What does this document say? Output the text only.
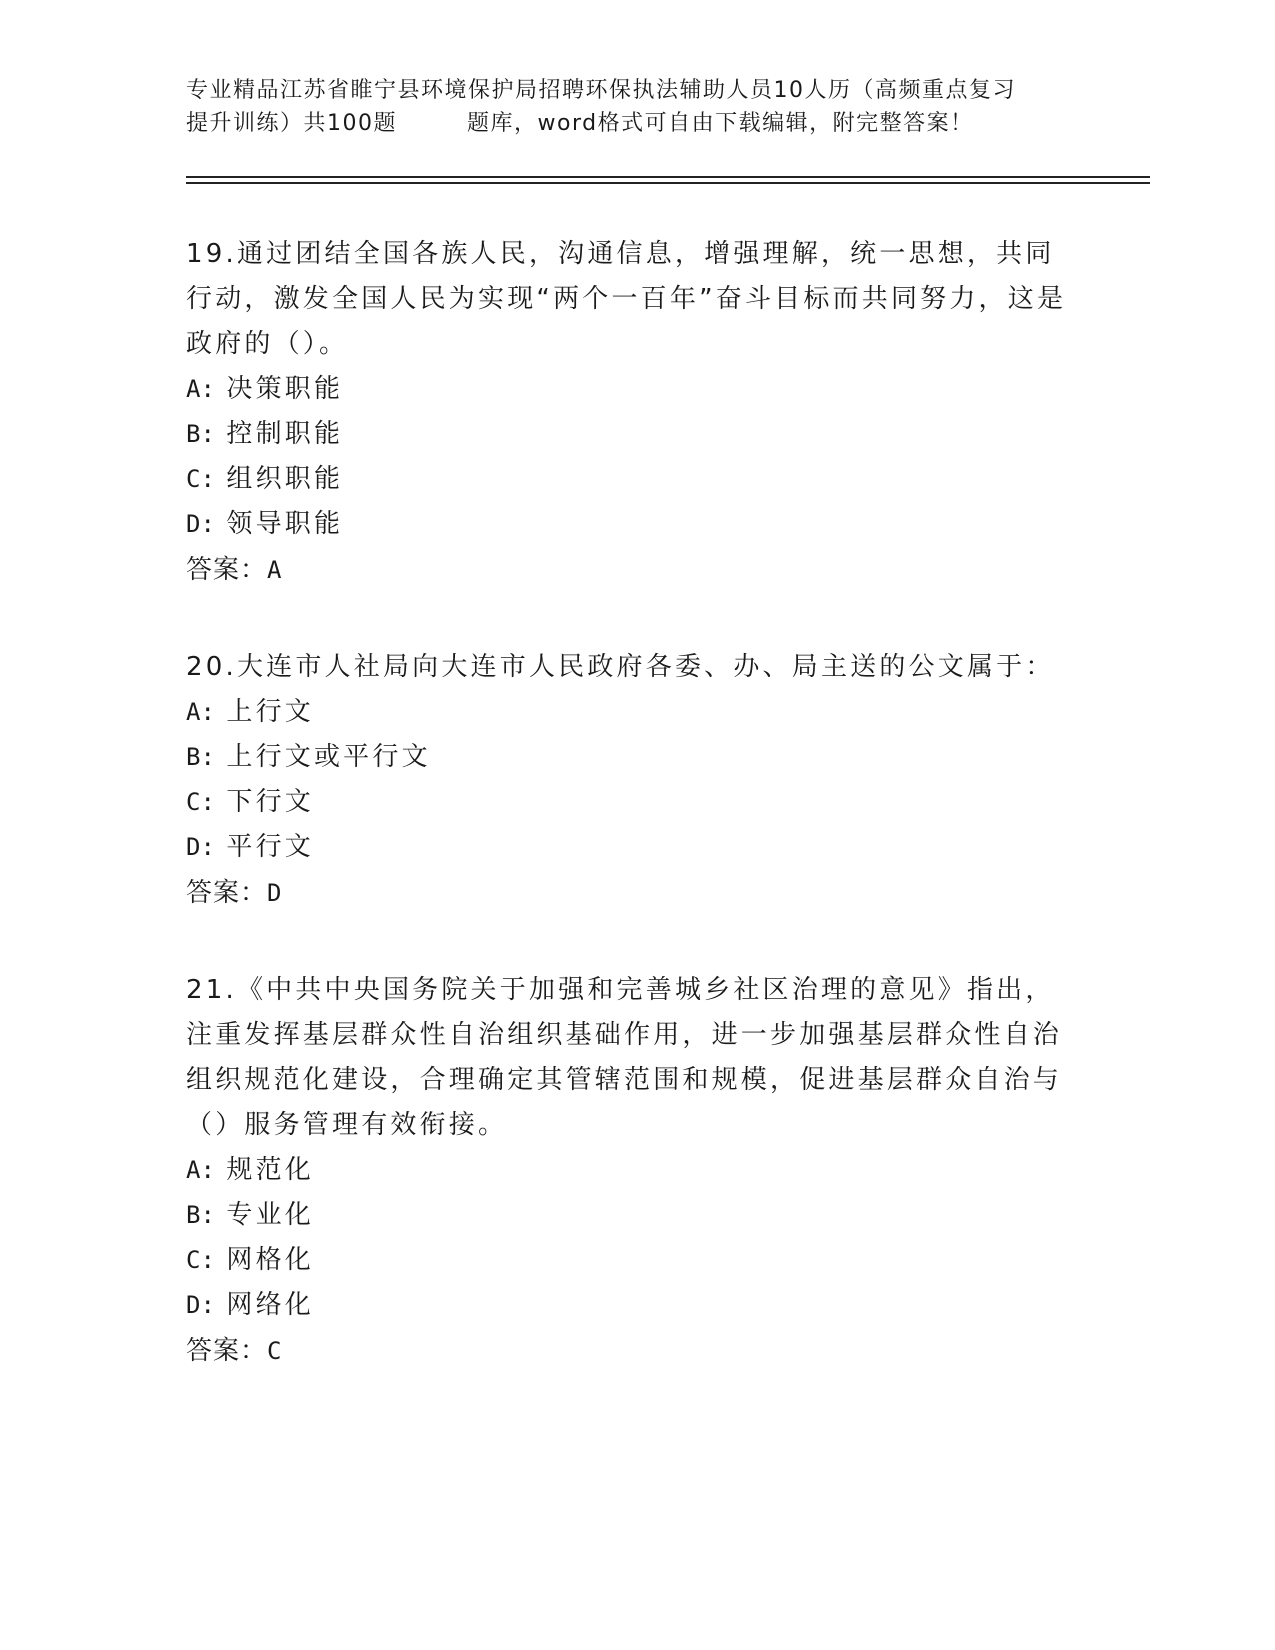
专业精品江苏省睢宁县环境保护局招聘环保执法辅助人员10人历（高频重点复习
提升训练）共100题	题库，word格式可自由下载编辑，附完整答案！

19.通过团结全国各族人民，沟通信息，增强理解，统一思想，共同行动，激发全国人民为实现“两个一百年”奋斗目标而共同努力，这是政府的（）。

A: 决策职能

B: 控制职能

C: 组织职能

D: 领导职能

答案：A

20.大连市人社局向大连市人民政府各委、办、局主送的公文属于：

A: 上行文

B: 上行文或平行文

C: 下行文

D: 平行文

答案：D

21.《中共中央国务院关于加强和完善城乡社区治理的意见》指出，注重发挥基层群众性自治组织基础作用，进一步加强基层群众性自治组织规范化建设，合理确定其管辖范围和规模，促进基层群众自治与（）服务管理有效衔接。

A: 规范化

B: 专业化

C: 网格化

D: 网络化

答案：C
